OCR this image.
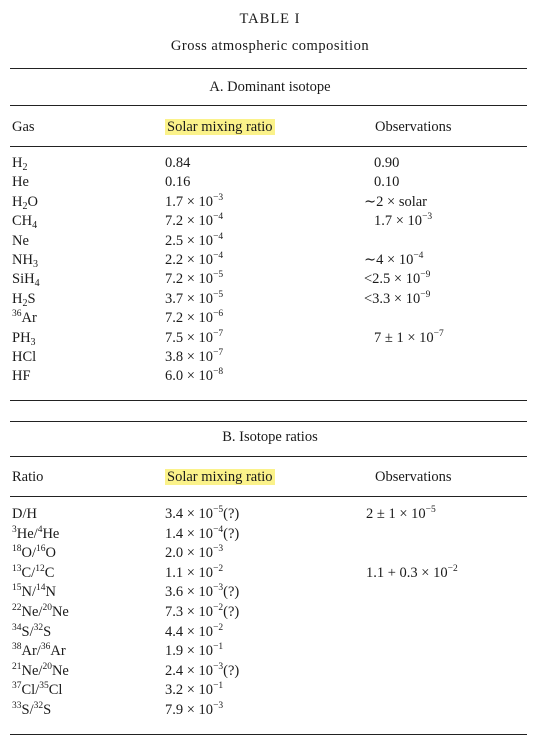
TABLE I
Gross atmospheric composition
A. Dominant isotope
Gas	Solar mixing ratio	Observations
$H_2$	0.84	0.90
He	0.16	0.10
$H_2O$	$1.7 \times 10^{-3}$	∼2 × solar
$CH_4$	$7.2 \times 10^{-4}$	$1.7 \times 10^{-3}$
Ne	$2.5 \times 10^{-4}$
$NH_3$	$2.2 \times 10^{-4}$	∼4 × $10^{-4}$
SiH$_4$	$7.2 \times 10^{-5}$	$<2.5 \times 10^{-9}$
$H_2S$	$3.7 \times 10^{-5}$	$<3.3 \times 10^{-9}$
$^{36}$Ar	$7.2 \times 10^{-6}$
$PH_3$	$7.5 \times 10^{-7}$	$7 \pm 1 \times 10^{-7}$
HCl	$3.8 \times 10^{-7}$
HF	$6.0 \times 10^{-8}$
B. Isotope ratios
Ratio	Solar mixing ratio	Observations
D/H	$3.4 \times 10^{-5}(?)$	$2 \pm 1 \times 10^{-5}$
$^3$He/$^4$He	$1.4 \times 10^{-4}(?)$
$^{18}$O/$^{16}$O	$2.0 \times 10^{-3}$
$^{13}$C/$^{12}$C	$1.1 \times 10^{-2}$	$1.1 + 0.3 \times 10^{-2}$
$^{15}$N/$^{14}$N	$3.6 \times 10^{-3}(?)$
$^{22}$Ne/$^{20}$Ne	$7.3 \times 10^{-2}(?)$
$^{34}$S/$^{32}$S	$4.4 \times 10^{-2}$
$^{38}$Ar/$^{36}$Ar	$1.9 \times 10^{-1}$
$^{21}$Ne/$^{20}$Ne	$2.4 \times 10^{-3}(?)$
$^{37}$Cl/$^{35}$Cl	$3.2 \times 10^{-1}$
$^{33}$S/$^{32}$S	$7.9 \times 10^{-3}$
